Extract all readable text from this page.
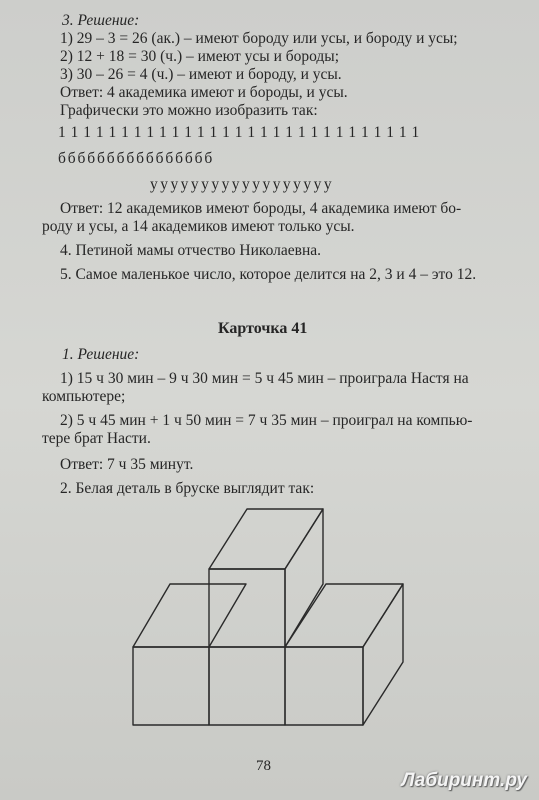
3. Решение:
1) 29 – 3 = 26 (ак.) – имеют бороду или усы, и бороду и усы;
2) 12 + 18 = 30 (ч.) – имеют усы и бороды;
3) 30 – 26 = 4 (ч.) – имеют и бороду, и усы.
Ответ: 4 академика имеют и бороды, и усы.
Графически это можно изобразить так:
1 1 1 1 1 1 1 1 1 1 1 1 1 1 1 1 1 1 1 1 1 1 1 1 1 1 1 1 1
б б б б б б б б б б б б б б б б
у у у у у у у у у у у у у у у у у у
Ответ: 12 академиков имеют бороды, 4 академика имеют бо-
роду и усы, а 14 академиков имеют только усы.
4. Петиной мамы отчество Николаевна.
5. Самое маленькое число, которое делится на 2, 3 и 4 – это 12.
Карточка 41
1. Решение:
1) 15 ч 30 мин – 9 ч 30 мин = 5 ч 45 мин – проиграла Настя на
компьютере;
2) 5 ч 45 мин + 1 ч 50 мин = 7 ч 35 мин – проиграл на компью-
тере брат Насти.
Ответ: 7 ч 35 минут.
2. Белая деталь в бруске выглядит так:
78
Лабиринт.ру
